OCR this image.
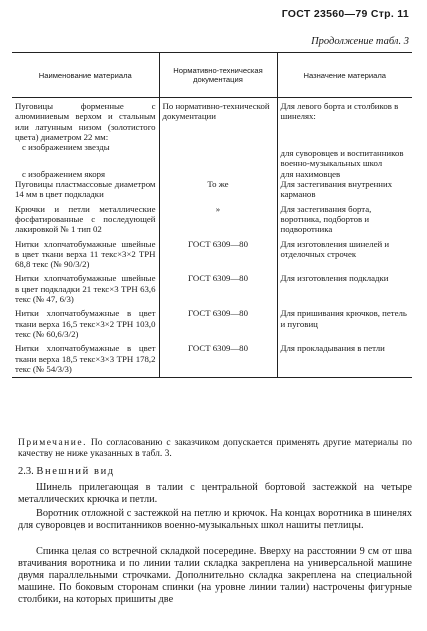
ГОСТ 23560—79 Стр. 11
Продолжение табл. 3
Наименование материала	Нормативно-техническая документация	Назначение материала
Пуговицы форменные с алюминиевым верхом и стальным или латунным низом (золотистого цвета) диаметром 22 мм:	По нормативно-технической документации	Для левого борта и столбиков в шинелях:
с изображением звезды		для суворовцев и воспитанников военно-музыкальных школ
с изображением якоря		для нахимовцев
Пуговицы пластмассовые диаметром 14 мм в цвет подкладки	То же	Для застегивания внутренних карманов
Крючки и петли металлические фосфатированные с последующей лакировкой № 1 тип 02	»	Для застегивания борта, воротника, подбортов и подворотника
Нитки хлопчатобумажные швейные в цвет ткани верха 11 текс×3×2 ТРН 68,8 текс (№ 90/3/2)	ГОСТ 6309—80	Для изготовления шинелей и отделочных строчек
Нитки хлопчатобумажные швейные в цвет подкладки 21 текс×3 ТРН 63,6 текс (№ 47, 6/3)	ГОСТ 6309—80	Для изготовления подкладки
Нитки хлопчатобумажные в цвет ткани верха 16,5 текс×3×2 ТРН 103,0 текс (№ 60,6/3/2)	ГОСТ 6309—80	Для пришивания крючков, петель и пуговиц
Нитки хлопчатобумажные в цвет ткани верха 18,5 текс×3×3 ТРН 178,2 текс (№ 54/3/3)	ГОСТ 6309—80	Для прокладывания в петли
Примечание. По согласованию с заказчиком допускается применять другие материалы по качеству не ниже указанных в табл. 3.
2.3. Внешний вид

Шинель прилегающая в талии с центральной бортовой застежкой на четыре металлических крючка и петли.

Воротник отложной с застежкой на петлю и крючок. На концах воротника в шинелях для суворовцев и воспитанников военно-музыкальных школ нашиты петлицы.

Спинка целая со встречной складкой посередине. Вверху на расстоянии 9 см от шва втачивания воротника и по линии талии складка закреплена на универсальной машине двумя параллельными строчками. Дополнительно складка закреплена на специальной машине. По боковым сторонам спинки (на уровне линии талии) настрочены фигурные столбики, на которых пришиты две
